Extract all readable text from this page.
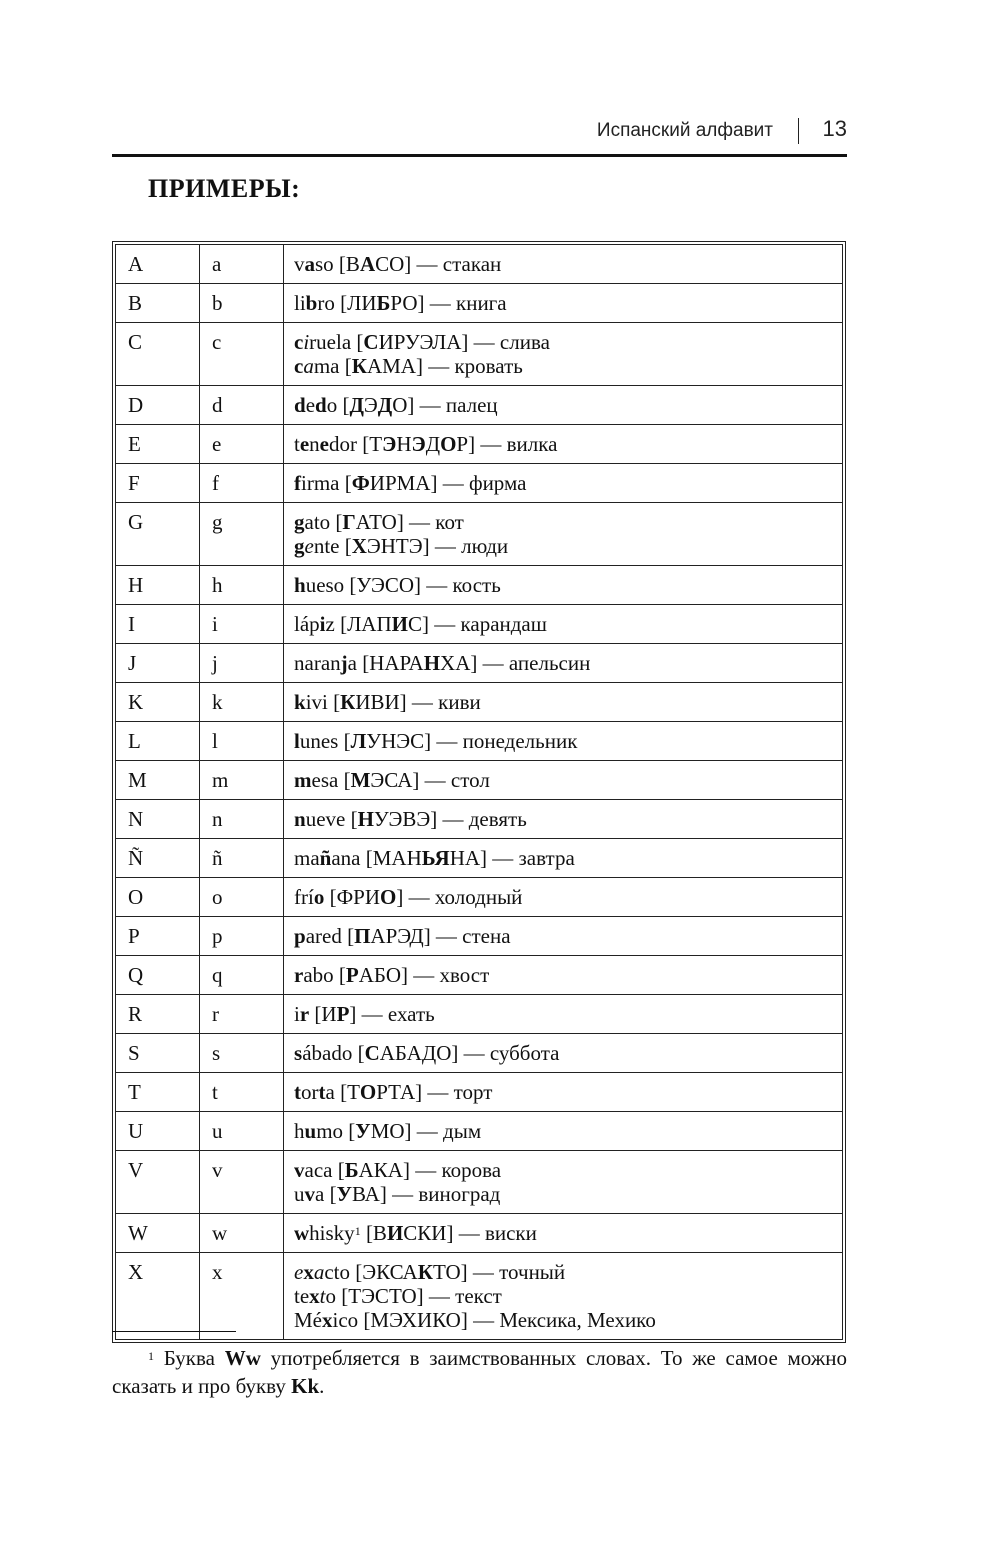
Испанский алфавит 13
ПРИМЕРЫ:
A	a	vaso [ВАСО] — стакан

B	b	libro [ЛИБРО] — книга

C	c	ciruela [СИРУЭЛА] — слива
cama [КАМА] — кровать

D	d	dedo [ДЭДО] — палец

E	e	tenedor [ТЭНЭДОР] — вилка

F	f	firma [ФИРМА] — фирма

G	g	gato [ГАТО] — кот
gente [ХЭНТЭ] — люди

H	h	hueso [УЭСО] — кость

I	i	lápiz [ЛАПИС] — карандаш

J	j	naranja [НАРАНХА] — апельсин

K	k	kivi [КИВИ] — киви

L	l	lunes [ЛУНЭС] — понедельник

M	m	mesa [МЭСА] — стол

N	n	nueve [НУЭВЭ] — девять

Ñ	ñ	mañana [МАНЬЯНА] — завтра

O	o	frío [ФРИО] — холодный

P	p	pared [ПАРЭД] — стена

Q	q	rabo [РАБО] — хвост

R	r	ir [ИР] — ехать

S	s	sábado [САБАДО] — суббота

T	t	torta [ТОРТА] — торт

U	u	humo [УМО] — дым

V	v	vaca [БАКА] — корова
uva [УВА] — виноград

W	w	whisky$^1$ [ВИСКИ] — виски

X	x	exacto [ЭКСАКТО] — точный
texto [ТЭСТО] — текст
México [МЭХИКО] — Мексика, Мехико

$^1$ Буква Ww употребляется в заимствованных словах. То же самое можно сказать и про букву Kk.
